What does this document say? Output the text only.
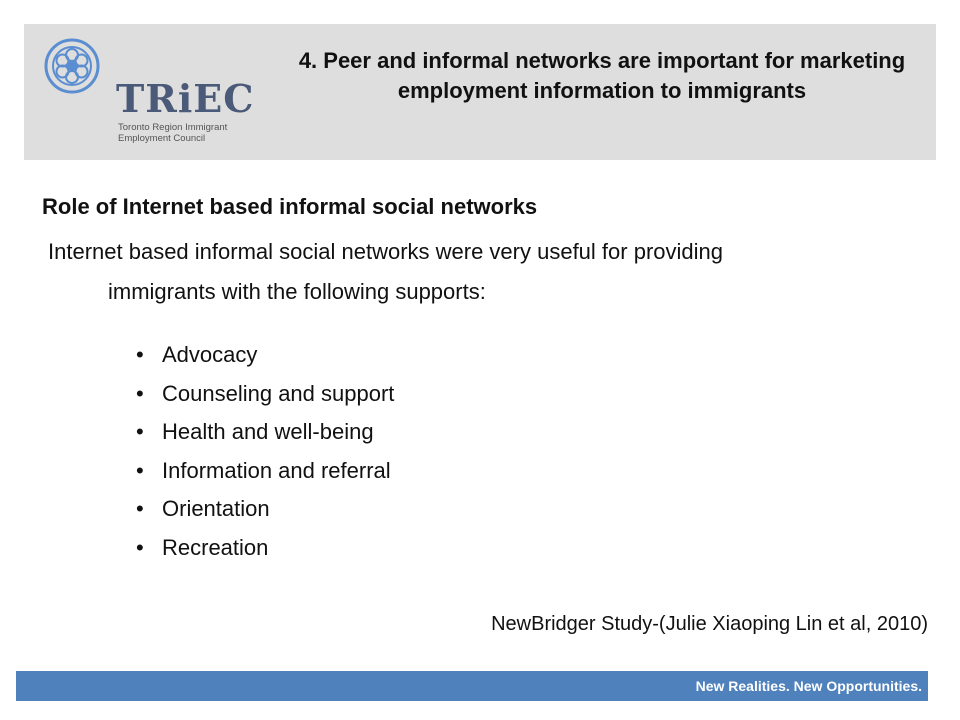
TRiEC
Toronto Region Immigrant
Employment Council
4. Peer and informal networks are important for marketing employment information to immigrants
Role of Internet based informal social networks
Internet based informal social networks were very useful for providing
immigrants with the following supports:
• Advocacy
• Counseling and support
• Health and well-being
• Information and referral
• Orientation
• Recreation
NewBridger Study-(Julie Xiaoping Lin et al, 2010)
New Realities. New Opportunities.
